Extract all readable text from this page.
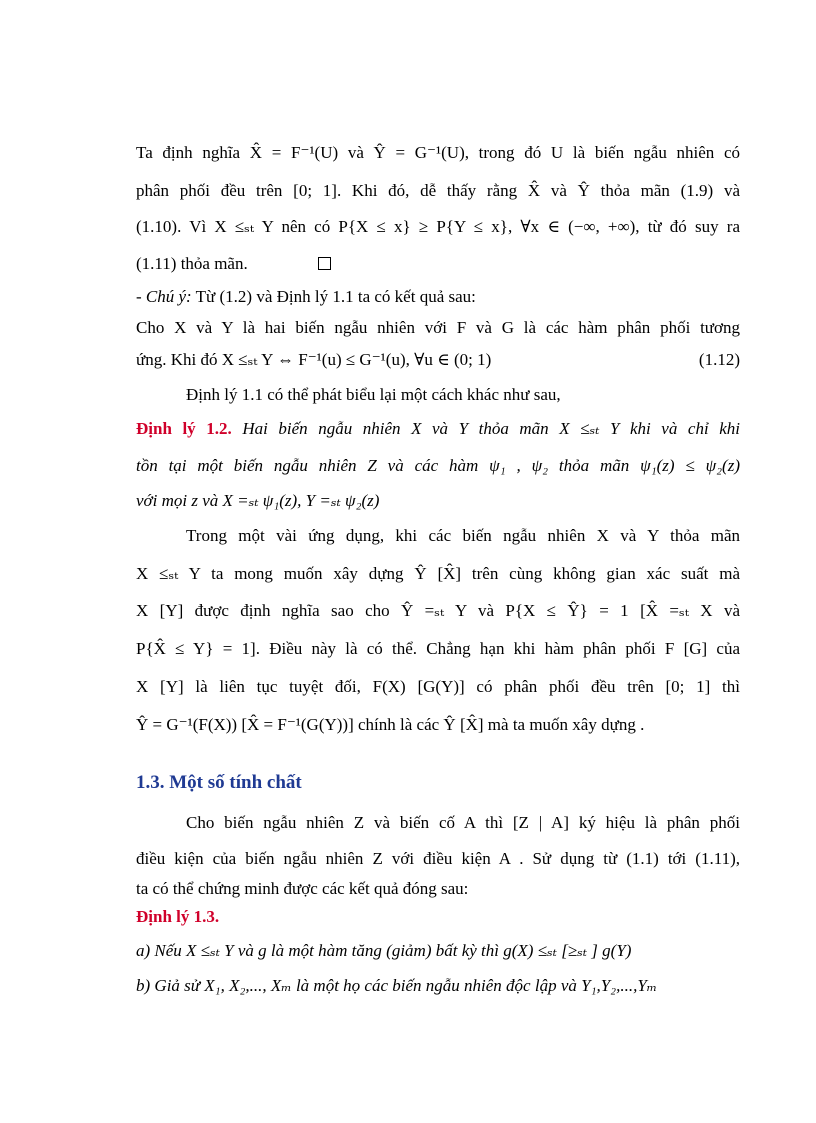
Ta định nghĩa X̂ = F⁻¹(U) và Ŷ = G⁻¹(U), trong đó U là biến ngẫu nhiên có
phân phối đều trên [0; 1]. Khi đó, dễ thấy rằng X̂ và Ŷ thỏa mãn (1.9) và
(1.10). Vì X ≤ₛₜ Y nên có P{X ≤ x} ≥ P{Y ≤ x}, ∀x ∈ (−∞, +∞), từ đó suy ra
(1.11) thỏa mãn.
- Chú ý: Từ (1.2) và Định lý 1.1 ta có kết quả sau:
Cho X và Y là hai biến ngẫu nhiên với F và G là các hàm phân phối tương
ứng. Khi đó X ≤ₛₜ Y ⇔ F⁻¹(u) ≤ G⁻¹(u), ∀u ∈ (0; 1)	(1.12)
Định lý 1.1 có thể phát biểu lại một cách khác như sau,
Định lý 1.2. Hai biến ngẫu nhiên X và Y thỏa mãn X ≤ₛₜ Y khi và chỉ khi
tồn tại một biến ngẫu nhiên Z và các hàm ψ₁ , ψ₂ thỏa mãn ψ₁(z) ≤ ψ₂(z)
với mọi z và X =ₛₜ ψ₁(z), Y =ₛₜ ψ₂(z)
Trong một vài ứng dụng, khi các biến ngẫu nhiên X và Y thỏa mãn
X ≤ₛₜ Y ta mong muốn xây dựng Ŷ [X̂] trên cùng không gian xác suất mà
X [Y] được định nghĩa sao cho Ŷ =ₛₜ Y và P{X ≤ Ŷ} = 1 [X̂ =ₛₜ X và
P{X̂ ≤ Y} = 1]. Điều này là có thể. Chẳng hạn khi hàm phân phối F [G] của
X [Y] là liên tục tuyệt đối, F(X) [G(Y)] có phân phối đều trên [0; 1] thì
Ŷ = G⁻¹(F(X)) [X̂ = F⁻¹(G(Y))] chính là các Ŷ [X̂] mà ta muốn xây dựng .
1.3. Một số tính chất
Cho biến ngẫu nhiên Z và biến cố A thì [Z | A] ký hiệu là phân phối
điều kiện của biến ngẫu nhiên Z với điều kiện A . Sử dụng từ (1.1) tới (1.11),
ta có thể chứng minh được các kết quả đóng sau:
Định lý 1.3.
a) Nếu X ≤ₛₜ Y và g là một hàm tăng (giảm) bất kỳ thì g(X) ≤ₛₜ [≥ₛₜ ] g(Y)
b) Giả sử X₁, X₂,..., Xₘ là một họ các biến ngẫu nhiên độc lập và Y₁,Y₂,...,Yₘ
